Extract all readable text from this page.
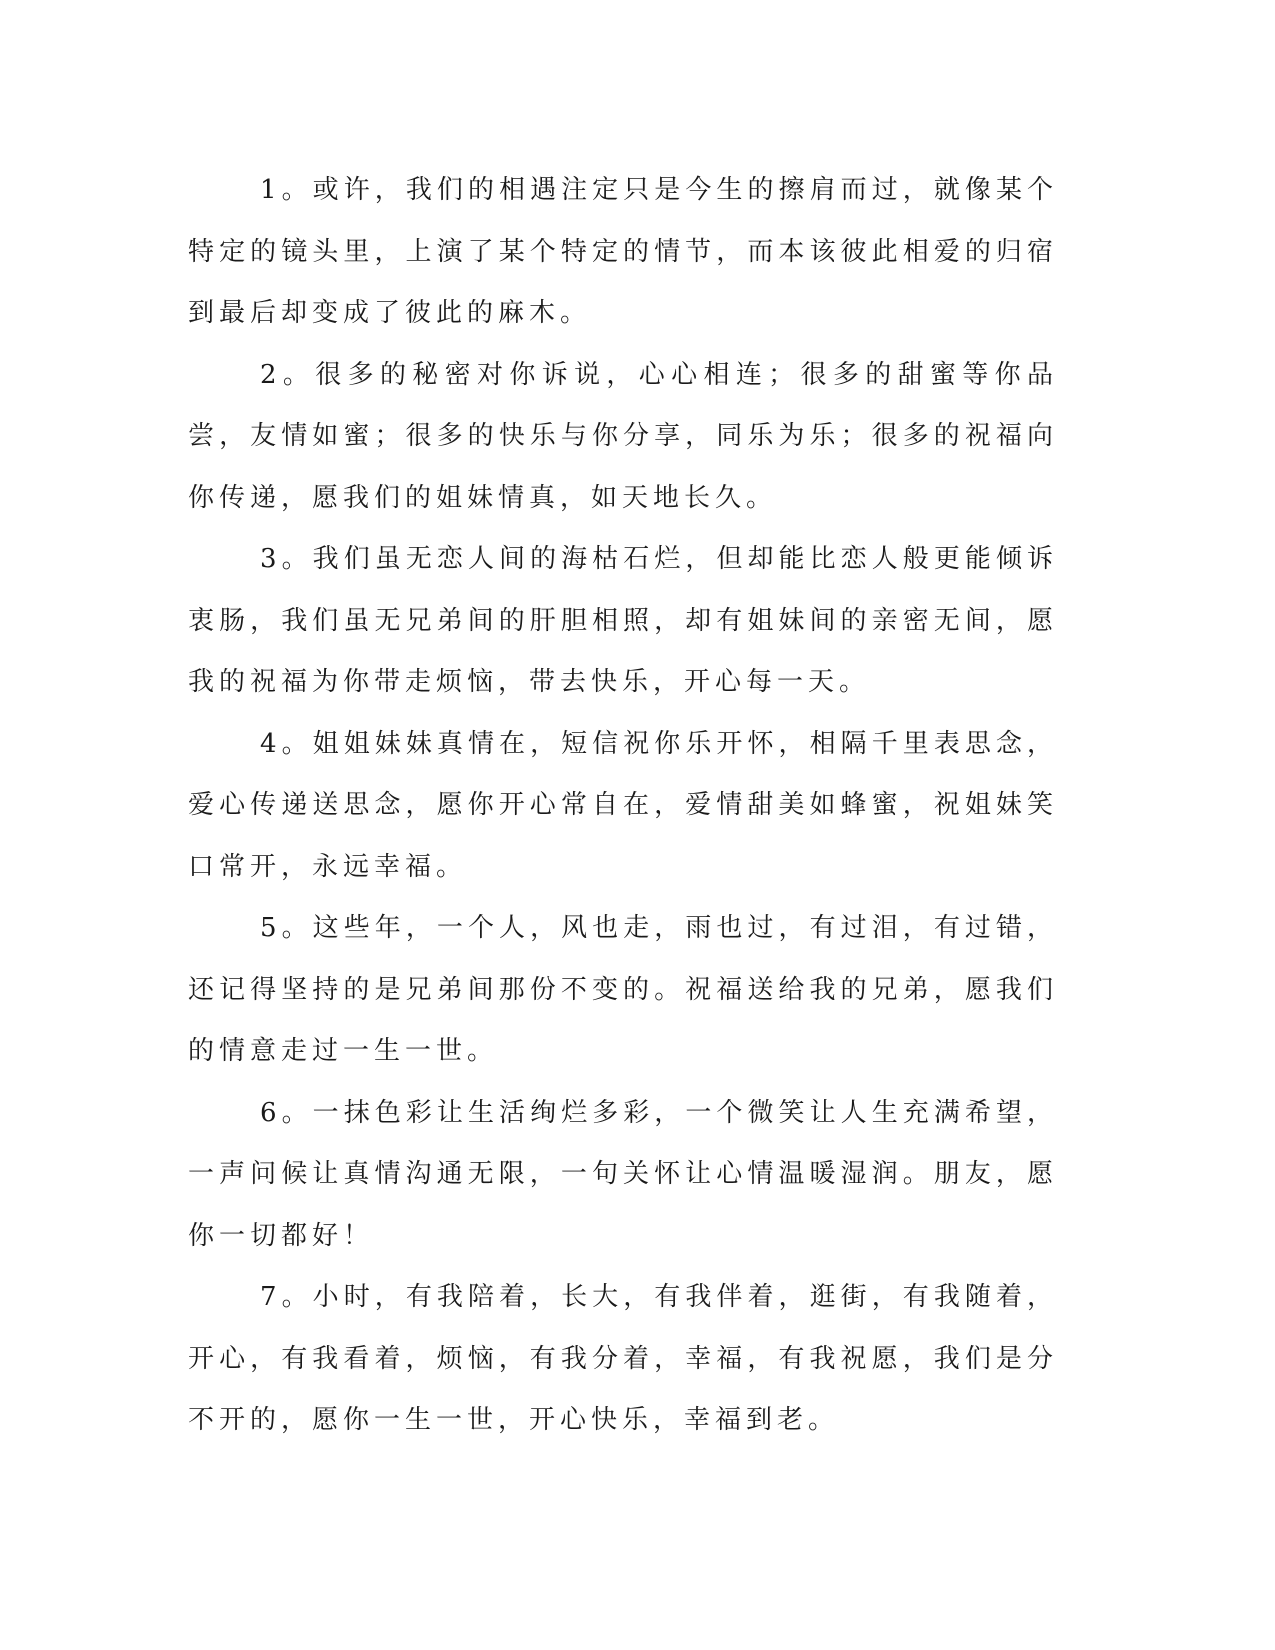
1。或许，我们的相遇注定只是今生的擦肩而过，就像某个特定的镜头里，上演了某个特定的情节，而本该彼此相爱的归宿到最后却变成了彼此的麻木。

2。很多的秘密对你诉说，心心相连；很多的甜蜜等你品尝，友情如蜜；很多的快乐与你分享，同乐为乐；很多的祝福向你传递，愿我们的姐妹情真，如天地长久。

3。我们虽无恋人间的海枯石烂，但却能比恋人般更能倾诉衷肠，我们虽无兄弟间的肝胆相照，却有姐妹间的亲密无间，愿我的祝福为你带走烦恼，带去快乐，开心每一天。

4。姐姐妹妹真情在，短信祝你乐开怀，相隔千里表思念，爱心传递送思念，愿你开心常自在，爱情甜美如蜂蜜，祝姐妹笑口常开，永远幸福。

5。这些年，一个人，风也走，雨也过，有过泪，有过错，还记得坚持的是兄弟间那份不变的。祝福送给我的兄弟，愿我们的情意走过一生一世。

6。一抹色彩让生活绚烂多彩，一个微笑让人生充满希望，一声问候让真情沟通无限，一句关怀让心情温暖湿润。朋友，愿你一切都好！

7。小时，有我陪着，长大，有我伴着，逛街，有我随着，开心，有我看着，烦恼，有我分着，幸福，有我祝愿，我们是分不开的，愿你一生一世，开心快乐，幸福到老。
